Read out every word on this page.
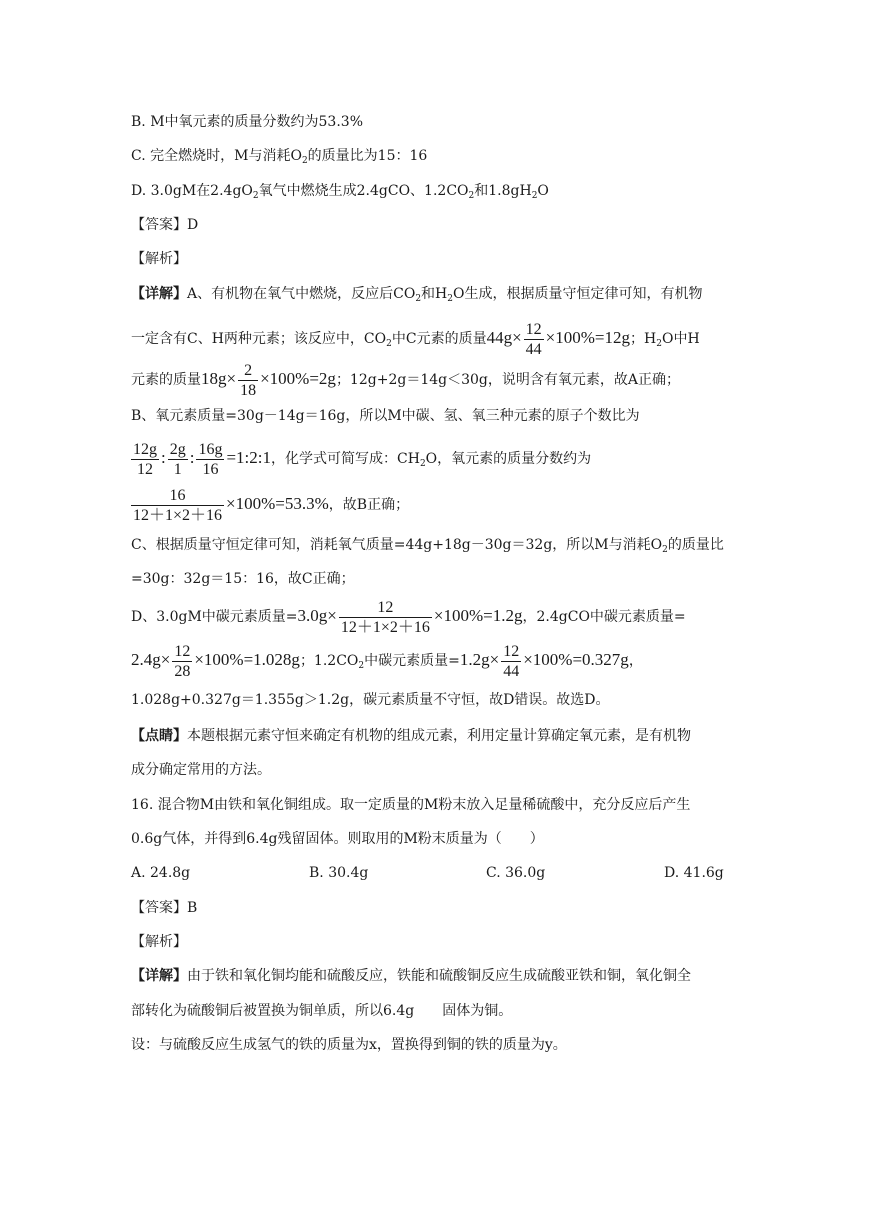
B. M中氧元素的质量分数约为53.3%
C. 完全燃烧时，M与消耗$O_2$的质量比为15：16
D. 3.0gM在$2.4gO_2$氧气中燃烧生成2.4gCO、$1.2CO_2$和$1.8gH_2O$
【答案】D
【解析】
【详解】A、有机物在氧气中燃烧，反应后$CO_2$和$H_2O$生成，根据质量守恒定律可知，有机物
一定含有C、H两种元素；该反应中，$CO_2$中C元素的质量$44g\times \frac{12}{44} \times 100\%=12g$；$H_2O$中H
元素的质量$18g\times \frac{2}{18} \times 100\%=2g$；12g+2g＝14g＜30g，说明含有氧元素，故A正确；
B、氧元素质量=30g－14g＝16g，所以M中碳、氢、氧三种元素的原子个数比为
$\frac{12g}{12}$ : $\frac{2g}{1}$ : $\frac{16g}{16}$ =1:2:1，化学式可简写成：$CH_2O$，氧元素的质量分数约为
$\frac{16}{12+1\times 2+16} \times 100\%=53.3\%$，故B正确；
C、根据质量守恒定律可知，消耗氧气质量=44g+18g－30g＝32g，所以M与消耗$O_2$的质量比
=30g：32g＝15：16，故C正确；
D、3.0gM中碳元素质量$=3.0g\times \frac{12}{12+1\times 2+16} \times 100\%=1.2g$，2.4gCO中碳元素质量=
$2.4g\times \frac{12}{28} \times 100\%=1.028g$；$1.2CO_2$中碳元素质量$=1.2g\times \frac{12}{44} \times 100\%=0.327g$，
1.028g+0.327g＝1.355g＞1.2g，碳元素质量不守恒，故D错误。故选D。
【点睛】本题根据元素守恒来确定有机物的组成元素，利用定量计算确定氧元素，是有机物
成分确定常用的方法。
16. 混合物M由铁和氧化铜组成。取一定质量的M粉末放入足量稀硫酸中，充分反应后产生
0.6g气体，并得到6.4g残留固体。则取用的M粉末质量为（　　）
A. 24.8g	B. 30.4g	C. 36.0g	D. 41.6g
【答案】B
【解析】
【详解】由于铁和氧化铜均能和硫酸反应，铁能和硫酸铜反应生成硫酸亚铁和铜，氧化铜全
部转化为硫酸铜后被置换为铜单质，所以6.4g　　固体为铜。
设：与硫酸反应生成氢气的铁的质量为x，置换得到铜的铁的质量为y。
